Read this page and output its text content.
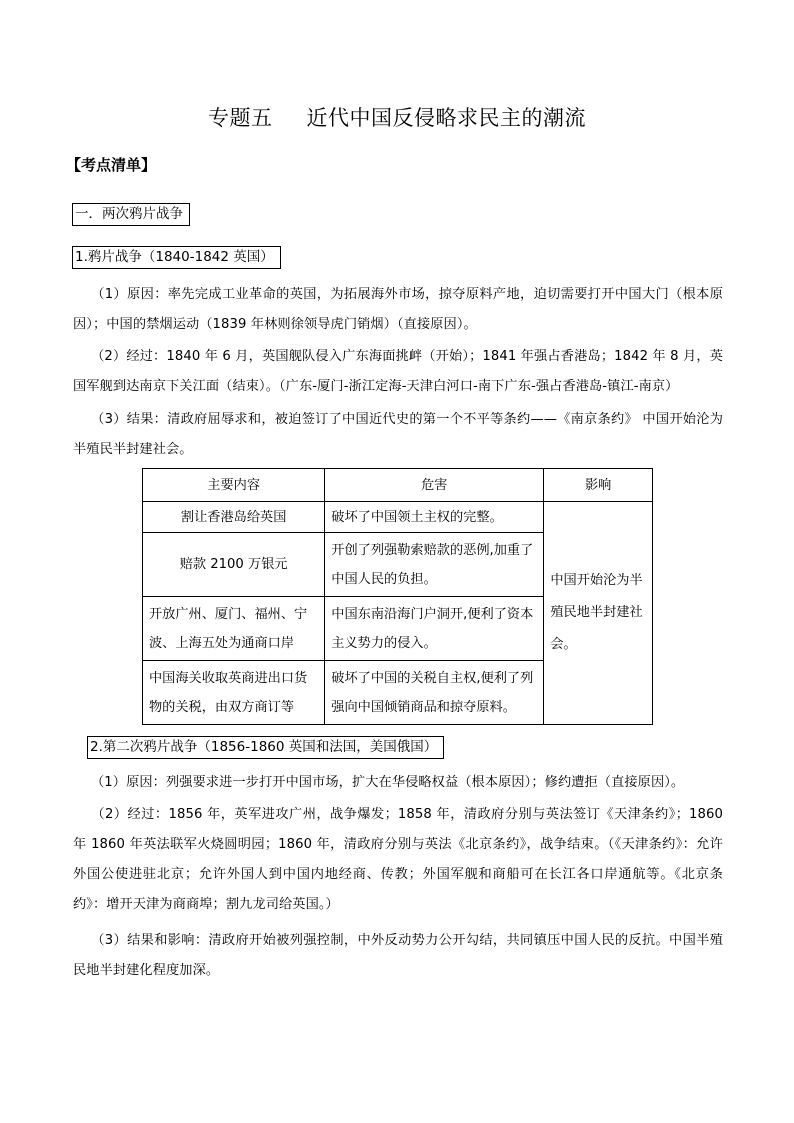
专题五 近代中国反侵略求民主的潮流
【考点清单】
一．两次鸦片战争
1.鸦片战争（1840-1842 英国）
（1）原因：率先完成工业革命的英国，为拓展海外市场，掠夺原料产地，迫切需要打开中国大门（根本原因）；中国的禁烟运动（1839 年林则徐领导虎门销烟）（直接原因）。
（2）经过：1840 年 6 月，英国舰队侵入广东海面挑衅（开始）；1841 年强占香港岛；1842 年 8 月，英国军舰到达南京下关江面（结束）。（广东-厦门-浙江定海-天津白河口-南下广东-强占香港岛-镇江-南京）
（3）结果：清政府屈辱求和，被迫签订了中国近代史的第一个不平等条约——《南京条约》 中国开始沦为半殖民半封建社会。
主要内容	危害	影响
割让香港岛给英国	破坏了中国领土主权的完整。	中国开始沦为半殖民地半封建社会。
赔款 2100 万银元	开创了列强勒索赔款的恶例,加重了中国人民的负担。	
开放广州、厦门、福州、宁波、上海五处为通商口岸	中国东南沿海门户洞开,便利了资本主义势力的侵入。	
中国海关收取英商进出口货物的关税，由双方商订等	破坏了中国的关税自主权,便利了列强向中国倾销商品和掠夺原料。	
2.第二次鸦片战争（1856-1860 英国和法国，美国俄国）
（1）原因：列强要求进一步打开中国市场，扩大在华侵略权益（根本原因）；修约遭拒（直接原因）。
（2）经过：1856 年，英军进攻广州，战争爆发；1858 年，清政府分别与英法签订《天津条约》；1860 年 1860 年英法联军火烧圆明园；1860 年，清政府分别与英法《北京条约》，战争结束。（《天津条约》：允许外国公使进驻北京；允许外国人到中国内地经商、传教；外国军舰和商船可在长江各口岸通航等。《北京条约》：增开天津为商商埠；割九龙司给英国。）
（3）结果和影响：清政府开始被列强控制，中外反动势力公开勾结，共同镇压中国人民的反抗。中国半殖民地半封建化程度加深。
